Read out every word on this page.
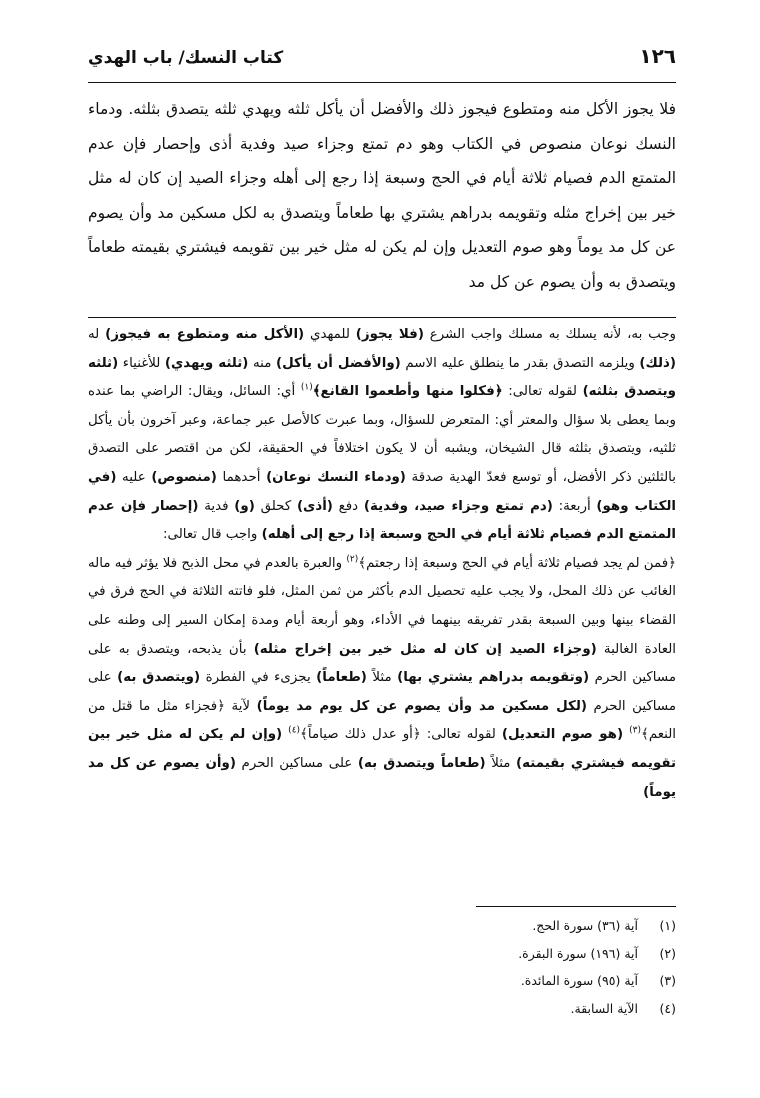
١٢٦
كتاب النسك/ باب الهدي

فلا يجوز الأكل منه ومتطوع فيجوز ذلك والأفضل أن يأكل ثلثه ويهدي ثلثه يتصدق بثلثه. ودماء النسك نوعان منصوص في الكتاب وهو دم تمتع وجزاء صيد وفدية أذى وإحصار فإن عدم المتمتع الدم فصيام ثلاثة أيام في الحج وسبعة إذا رجع إلى أهله وجزاء الصيد إن كان له مثل خير بين إخراج مثله وتقويمه بدراهم يشتري بها طعاماً ويتصدق به لكل مسكين مد وأن يصوم عن كل مد يوماً وهو صوم التعديل وإن لم يكن له مثل خير بين تقويمه فيشتري بقيمته طعاماً ويتصدق به وأن يصوم عن كل مد

وجب به، لأنه يسلك به مسلك واجب الشرع (فلا يجوز) للمهدي (الأكل منه ومتطوع به فيجوز) له (ذلك) ويلزمه التصدق بقدر ما ينطلق عليه الاسم (والأفضل أن يأكل) منه (ثلثه ويهدي) للأغنياء (ثلثه ويتصدق بثلثه) لقوله تعالى: ﴿فكلوا منها وأطعموا القانع﴾$^{(١)}$ أي: السائل، ويقال: الراضي بما عنده وبما يعطى بلا سؤال والمعتر أي: المتعرض للسؤال، وبما عبرت كالأصل عبر جماعة، وعبر آخرون بأن يأكل ثلثيه، ويتصدق بثلثه قال الشيخان، ويشبه أن لا يكون اختلافاً في الحقيقة، لكن من اقتصر على التصدق بالثلثين ذكر الأفضل، أو توسع فعدّ الهدية صدقة (ودماء النسك نوعان) أحدهما (منصوص) عليه (في الكتاب وهو) أربعة: (دم تمتع وجزاء صيد، وفدية) دفع (أذى) كحلق (و) فدية (إحصار فإن عدم المتمتع الدم فصيام ثلاثة أيام في الحج وسبعة إذا رجع إلى أهله) واجب قال تعالى:

﴿فمن لم يجد فصيام ثلاثة أيام في الحج وسبعة إذا رجعتم﴾$^{(٢)}$ والعبرة بالعدم في محل الذبح فلا يؤثر فيه ماله الغائب عن ذلك المحل، ولا يجب عليه تحصيل الدم بأكثر من ثمن المثل، فلو فاتته الثلاثة في الحج فرق في القضاء بينها وبين السبعة بقدر تفريقه بينهما في الأداء، وهو أربعة أيام ومدة إمكان السير إلى وطنه على العادة الغالبة (وجزاء الصيد إن كان له مثل خير بين إخراج مثله) بأن يذبحه، ويتصدق به على مساكين الحرم (وتقويمه بدراهم يشتري بها) مثلاً (طعاماً) يجزىء في الفطرة (ويتصدق به) على مساكين الحرم (لكل مسكين مد وأن يصوم عن كل يوم مد يوماً) لآية ﴿فجزاء مثل ما قتل من النعم﴾$^{(٣)}$ (هو صوم التعديل) لقوله تعالى: ﴿أو عدل ذلك صياماً﴾$^{(٤)}$ (وإن لم يكن له مثل خير بين تقويمه فيشتري بقيمته) مثلاً (طعاماً ويتصدق به) على مساكين الحرم (وأن يصوم عن كل مد يوماً)

(١)
آية (٣٦) سورة الحج.
(٢)
آية (١٩٦) سورة البقرة.
(٣)
آية (٩٥) سورة المائدة.
(٤)
الآية السابقة.
